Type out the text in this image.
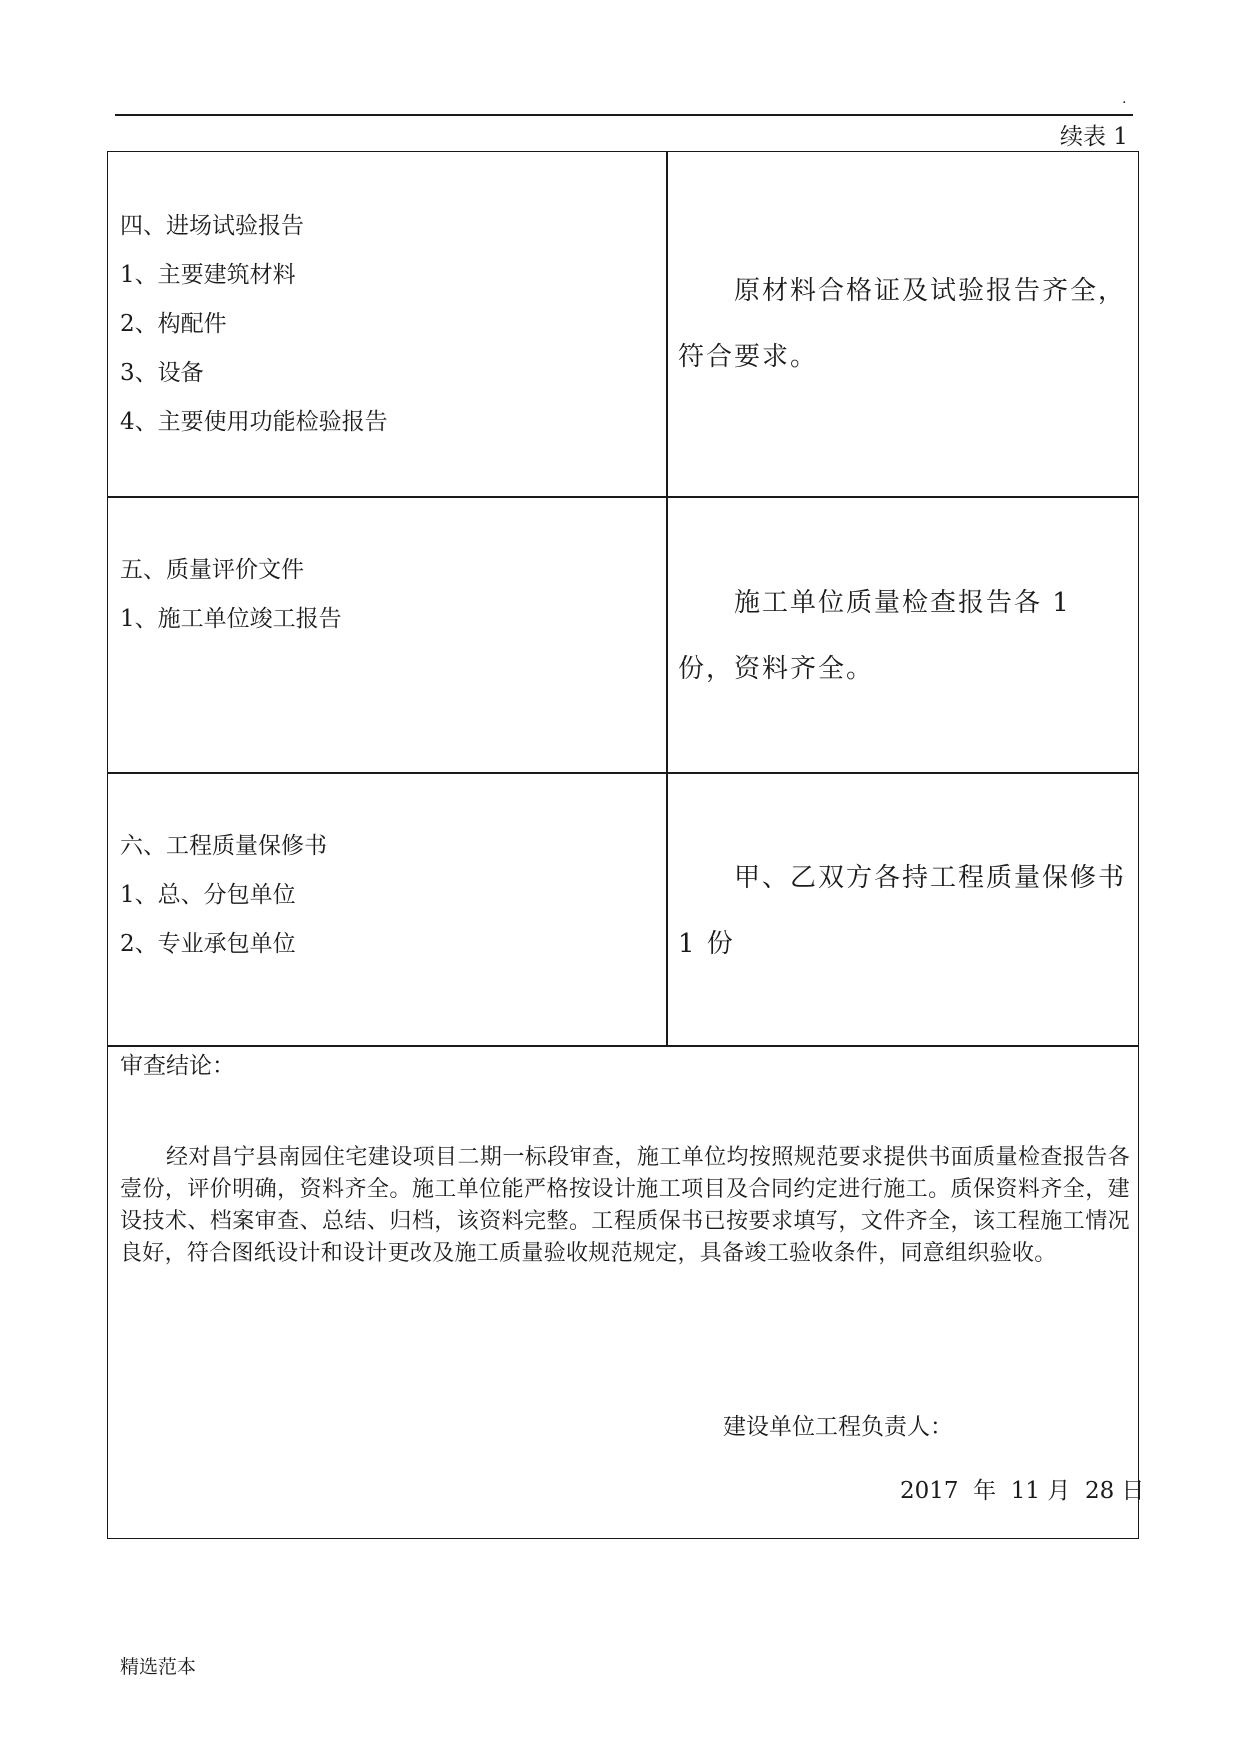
.
续表 1
四、进场试验报告
1、主要建筑材料
2、构配件
3、设备
4、主要使用功能检验报告

原材料合格证及试验报告齐全，符合要求。

五、质量评价文件
1、施工单位竣工报告

施工单位质量检查报告各 1 份，资料齐全。

六、工程质量保修书
1、总、分包单位
2、专业承包单位

甲、乙双方各持工程质量保修书 1 份

审查结论：
经对昌宁县南园住宅建设项目二期一标段审查，施工单位均按照规范要求提供书面质量检查报告各壹份，评价明确，资料齐全。施工单位能严格按设计施工项目及合同约定进行施工。质保资料齐全，建设技术、档案审查、总结、归档，该资料完整。工程质保书已按要求填写，文件齐全，该工程施工情况良好，符合图纸设计和设计更改及施工质量验收规范规定，具备竣工验收条件，同意组织验收。
建设单位工程负责人：
2017  年  11 月  28 日
精选范本
